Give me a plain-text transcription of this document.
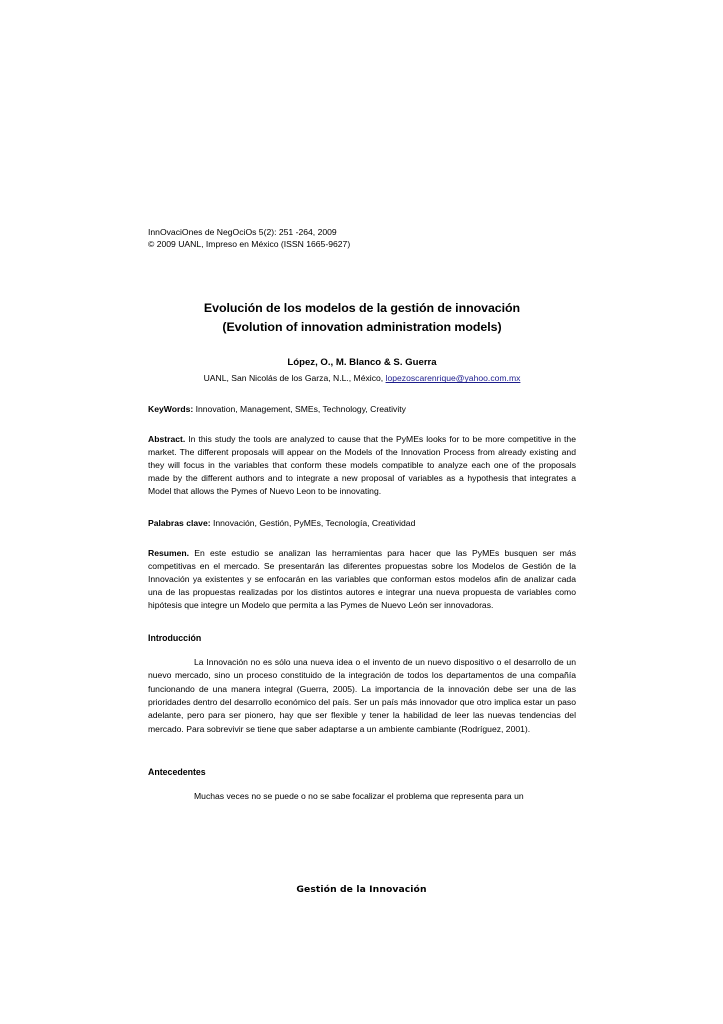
InnOvaciOnes de NegOciOs 5(2): 251 -264, 2009
© 2009 UANL, Impreso en México (ISSN 1665-9627)
Evolución de los modelos de la gestión de innovación
(Evolution of innovation administration models)
López, O., M. Blanco & S. Guerra
UANL, San Nicolás de los Garza, N.L., México, lopezoscarenrique@yahoo.com.mx
KeyWords: Innovation, Management, SMEs, Technology, Creativity
Abstract. In this study the tools are analyzed to cause that the PyMEs looks for to be more competitive in the market. The different proposals will appear on the Models of the Innovation Process from already existing and they will focus in the variables that conform these models compatible to analyze each one of the proposals made by the different authors and to integrate a new proposal of variables as a hypothesis that integrates a Model that allows the Pymes of Nuevo Leon to be innovating.
Palabras clave: Innovación, Gestión, PyMEs, Tecnología, Creatividad
Resumen. En este estudio se analizan las herramientas para hacer que las PyMEs busquen ser más competitivas en el mercado. Se presentarán las diferentes propuestas sobre los Modelos de Gestión de la Innovación ya existentes y se enfocarán en las variables que conforman estos modelos afin de analizar cada una de las propuestas realizadas por los distintos autores e integrar una nueva propuesta de variables como hipótesis que integre un Modelo que permita a las Pymes de Nuevo León ser innovadoras.
Introducción
La Innovación no es sólo una nueva idea o el invento de un nuevo dispositivo o el desarrollo de un nuevo mercado, sino un proceso constituido de la integración de todos los departamentos de una compañía funcionando de una manera integral (Guerra, 2005). La importancia de la innovación debe ser una de las prioridades dentro del desarrollo económico del país. Ser un país más innovador que otro implica estar un paso adelante, pero para ser pionero, hay que ser flexible y tener la habilidad de leer las nuevas tendencias del mercado. Para sobrevivir se tiene que saber adaptarse a un ambiente cambiante (Rodríguez, 2001).
Antecedentes
Muchas veces no se puede o no se sabe focalizar el problema que representa para un
Gestión de la Innovación
